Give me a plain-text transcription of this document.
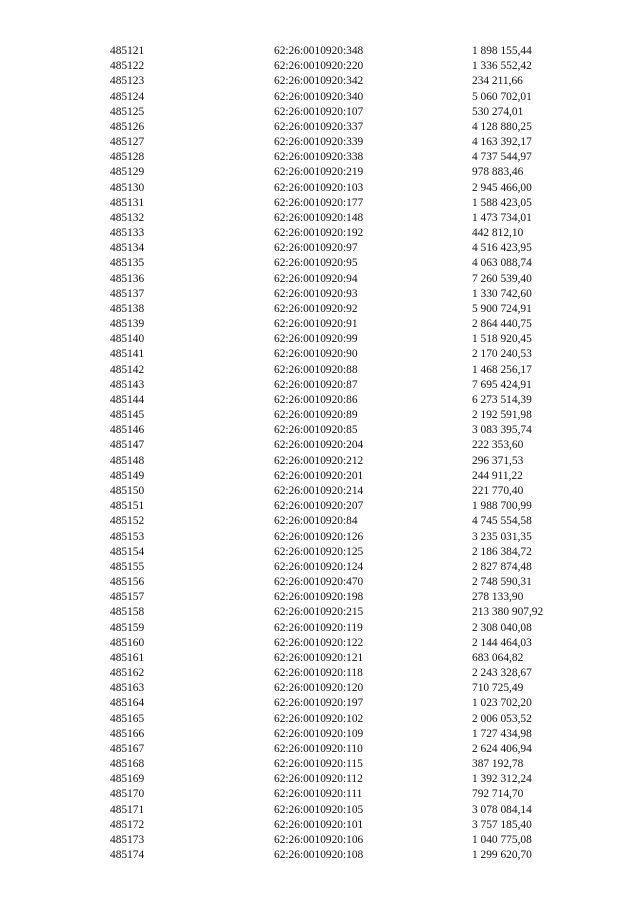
485121	62:26:0010920:348	1 898 155,44
485122	62:26:0010920:220	1 336 552,42
485123	62:26:0010920:342	234 211,66
485124	62:26:0010920:340	5 060 702,01
485125	62:26:0010920:107	530 274,01
485126	62:26:0010920:337	4 128 880,25
485127	62:26:0010920:339	4 163 392,17
485128	62:26:0010920:338	4 737 544,97
485129	62:26:0010920:219	978 883,46
485130	62:26:0010920:103	2 945 466,00
485131	62:26:0010920:177	1 588 423,05
485132	62:26:0010920:148	1 473 734,01
485133	62:26:0010920:192	442 812,10
485134	62:26:0010920:97	4 516 423,95
485135	62:26:0010920:95	4 063 088,74
485136	62:26:0010920:94	7 260 539,40
485137	62:26:0010920:93	1 330 742,60
485138	62:26:0010920:92	5 900 724,91
485139	62:26:0010920:91	2 864 440,75
485140	62:26:0010920:99	1 518 920,45
485141	62:26:0010920:90	2 170 240,53
485142	62:26:0010920:88	1 468 256,17
485143	62:26:0010920:87	7 695 424,91
485144	62:26:0010920:86	6 273 514,39
485145	62:26:0010920:89	2 192 591,98
485146	62:26:0010920:85	3 083 395,74
485147	62:26:0010920:204	222 353,60
485148	62:26:0010920:212	296 371,53
485149	62:26:0010920:201	244 911,22
485150	62:26:0010920:214	221 770,40
485151	62:26:0010920:207	1 988 700,99
485152	62:26:0010920:84	4 745 554,58
485153	62:26:0010920:126	3 235 031,35
485154	62:26:0010920:125	2 186 384,72
485155	62:26:0010920:124	2 827 874,48
485156	62:26:0010920:470	2 748 590,31
485157	62:26:0010920:198	278 133,90
485158	62:26:0010920:215	213 380 907,92
485159	62:26:0010920:119	2 308 040,08
485160	62:26:0010920:122	2 144 464,03
485161	62:26:0010920:121	683 064,82
485162	62:26:0010920:118	2 243 328,67
485163	62:26:0010920:120	710 725,49
485164	62:26:0010920:197	1 023 702,20
485165	62:26:0010920:102	2 006 053,52
485166	62:26:0010920:109	1 727 434,98
485167	62:26:0010920:110	2 624 406,94
485168	62:26:0010920:115	387 192,78
485169	62:26:0010920:112	1 392 312,24
485170	62:26:0010920:111	792 714,70
485171	62:26:0010920:105	3 078 084,14
485172	62:26:0010920:101	3 757 185,40
485173	62:26:0010920:106	1 040 775,08
485174	62:26:0010920:108	1 299 620,70
